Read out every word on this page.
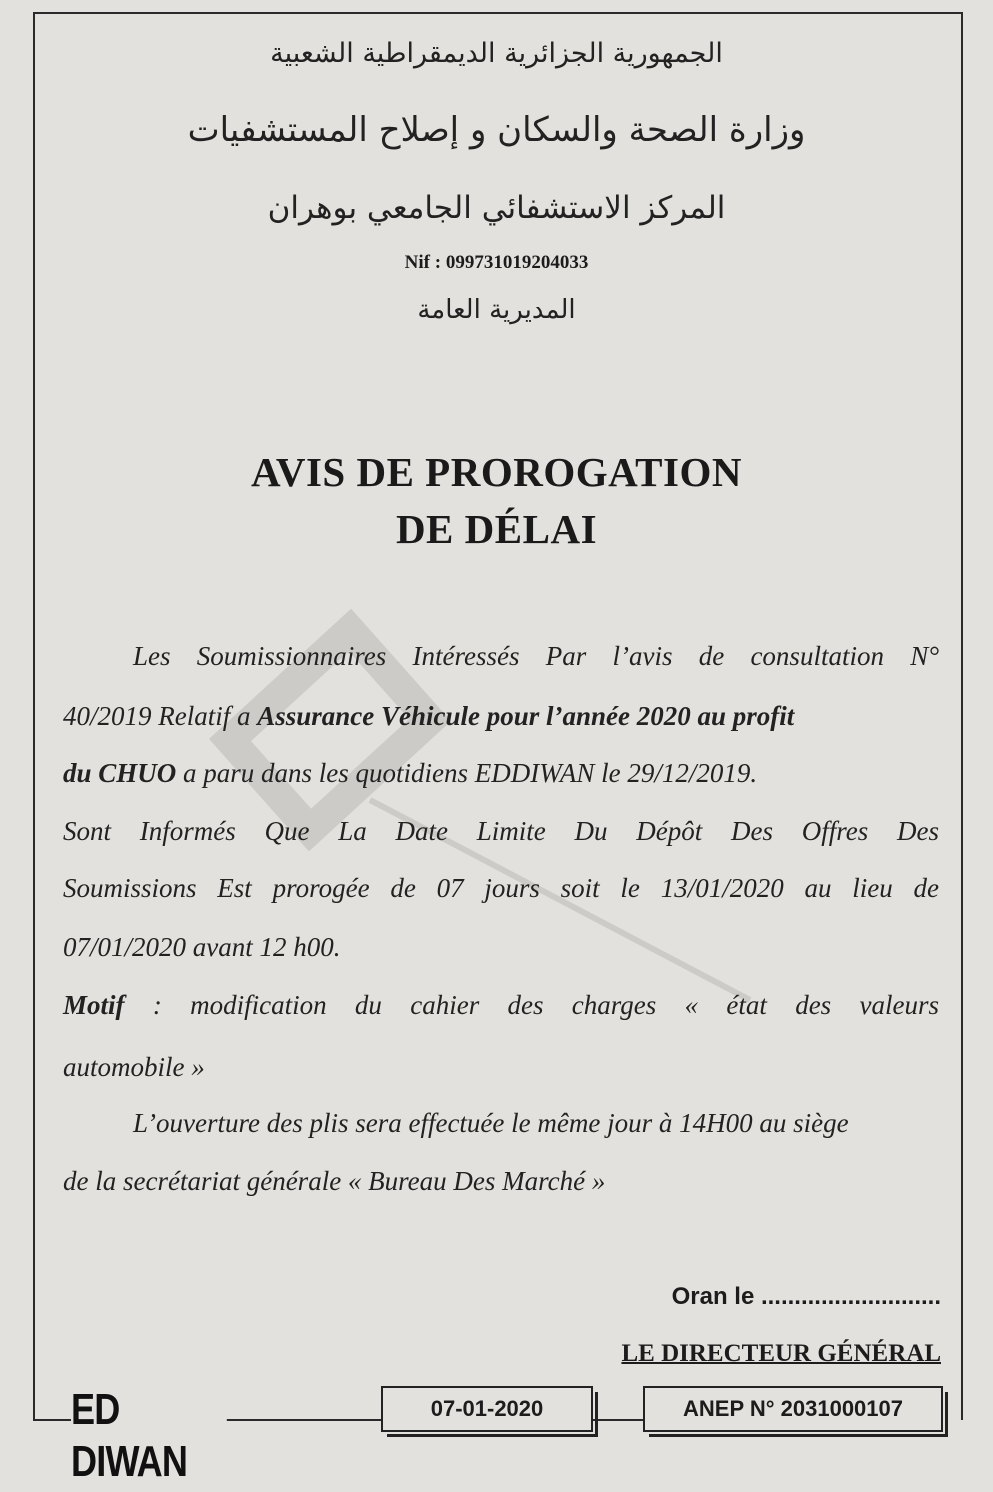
الجمهورية الجزائرية الديمقراطية الشعبية
وزارة الصحة والسكان و إصلاح المستشفيات
المركز الاستشفائي الجامعي بوهران
Nif : 099731019204033
المديرية العامة
AVIS DE PROROGATION
DE DÉLAI
Les Soumissionnaires Intéressés Par l’avis de consultation N°
40/2019 Relatif a Assurance Véhicule pour l’année 2020 au profit
du CHUO a paru dans les quotidiens EDDIWAN le 29/12/2019.
Sont Informés Que La Date Limite Du Dépôt Des Offres Des
Soumissions Est prorogée de 07 jours soit le 13/01/2020 au lieu de
07/01/2020 avant 12 h00.
Motif : modification du cahier des charges « état des valeurs
automobile »
L’ouverture des plis sera effectuée le même jour à 14H00 au siège
de la secrétariat générale « Bureau Des Marché »
Oran le ...........................
LE DIRECTEUR GÉNÉRAL
ED DIWAN
07-01-2020	ANEP N° 2031000107
